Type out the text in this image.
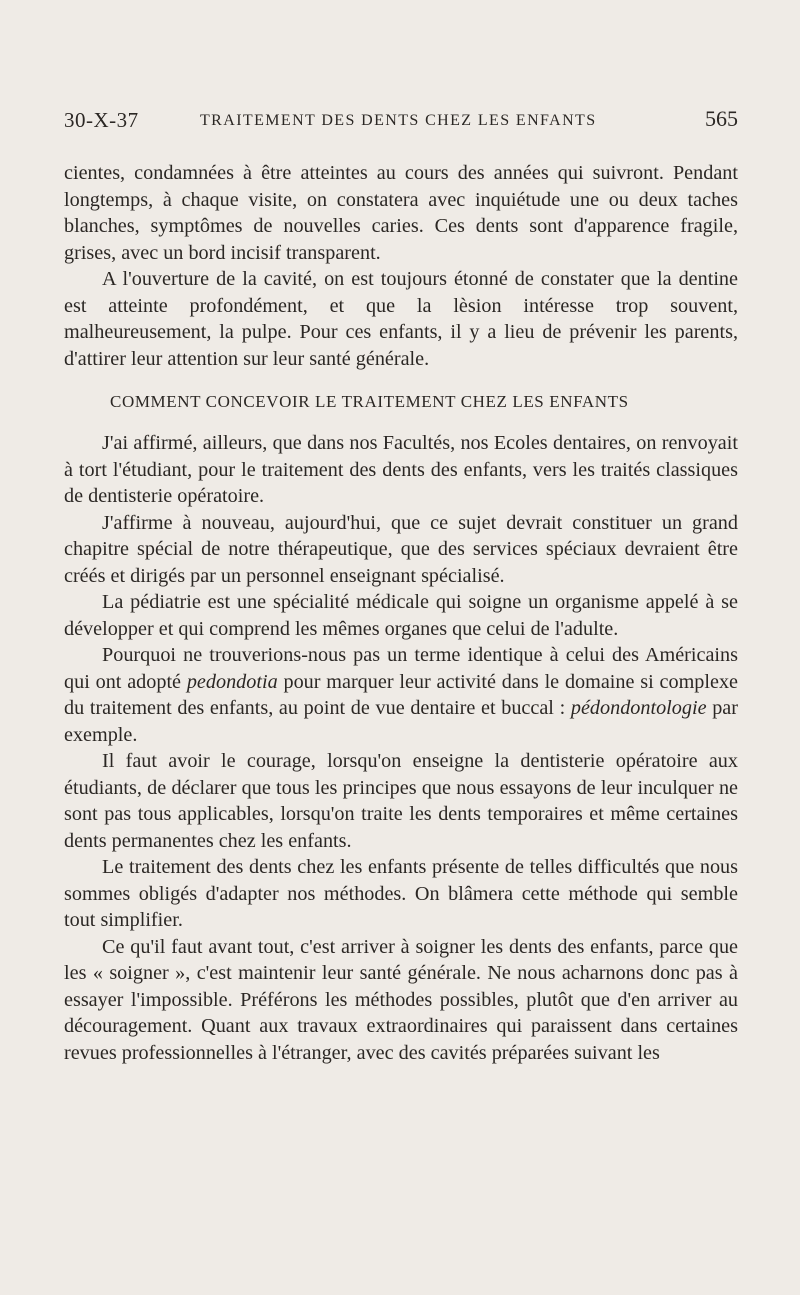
30-X-37	TRAITEMENT DES DENTS CHEZ LES ENFANTS	565

cientes, condamnées à être atteintes au cours des années qui suivront. Pendant longtemps, à chaque visite, on constatera avec inquiétude une ou deux taches blanches, symptômes de nouvelles caries. Ces dents sont d'apparence fragile, grises, avec un bord incisif transparent.

A l'ouverture de la cavité, on est toujours étonné de constater que la dentine est atteinte profondément, et que la lèsion intéresse trop souvent, malheureusement, la pulpe. Pour ces enfants, il y a lieu de prévenir les parents, d'attirer leur attention sur leur santé générale.

COMMENT CONCEVOIR LE TRAITEMENT CHEZ LES ENFANTS

J'ai affirmé, ailleurs, que dans nos Facultés, nos Ecoles dentaires, on renvoyait à tort l'étudiant, pour le traitement des dents des enfants, vers les traités classiques de dentisterie opératoire.

J'affirme à nouveau, aujourd'hui, que ce sujet devrait constituer un grand chapitre spécial de notre thérapeutique, que des services spéciaux devraient être créés et dirigés par un personnel enseignant spécialisé.

La pédiatrie est une spécialité médicale qui soigne un organisme appelé à se développer et qui comprend les mêmes organes que celui de l'adulte.

Pourquoi ne trouverions-nous pas un terme identique à celui des Américains qui ont adopté pedondotia pour marquer leur activité dans le domaine si complexe du traitement des enfants, au point de vue dentaire et buccal : pédondontologie par exemple.

Il faut avoir le courage, lorsqu'on enseigne la dentisterie opératoire aux étudiants, de déclarer que tous les principes que nous essayons de leur inculquer ne sont pas tous applicables, lorsqu'on traite les dents temporaires et même certaines dents permanentes chez les enfants.

Le traitement des dents chez les enfants présente de telles difficultés que nous sommes obligés d'adapter nos méthodes. On blâmera cette méthode qui semble tout simplifier.

Ce qu'il faut avant tout, c'est arriver à soigner les dents des enfants, parce que les « soigner », c'est maintenir leur santé générale. Ne nous acharnons donc pas à essayer l'impossible. Préférons les méthodes possibles, plutôt que d'en arriver au découragement. Quant aux travaux extraordinaires qui paraissent dans certaines revues professionnelles à l'étranger, avec des cavités préparées suivant les
